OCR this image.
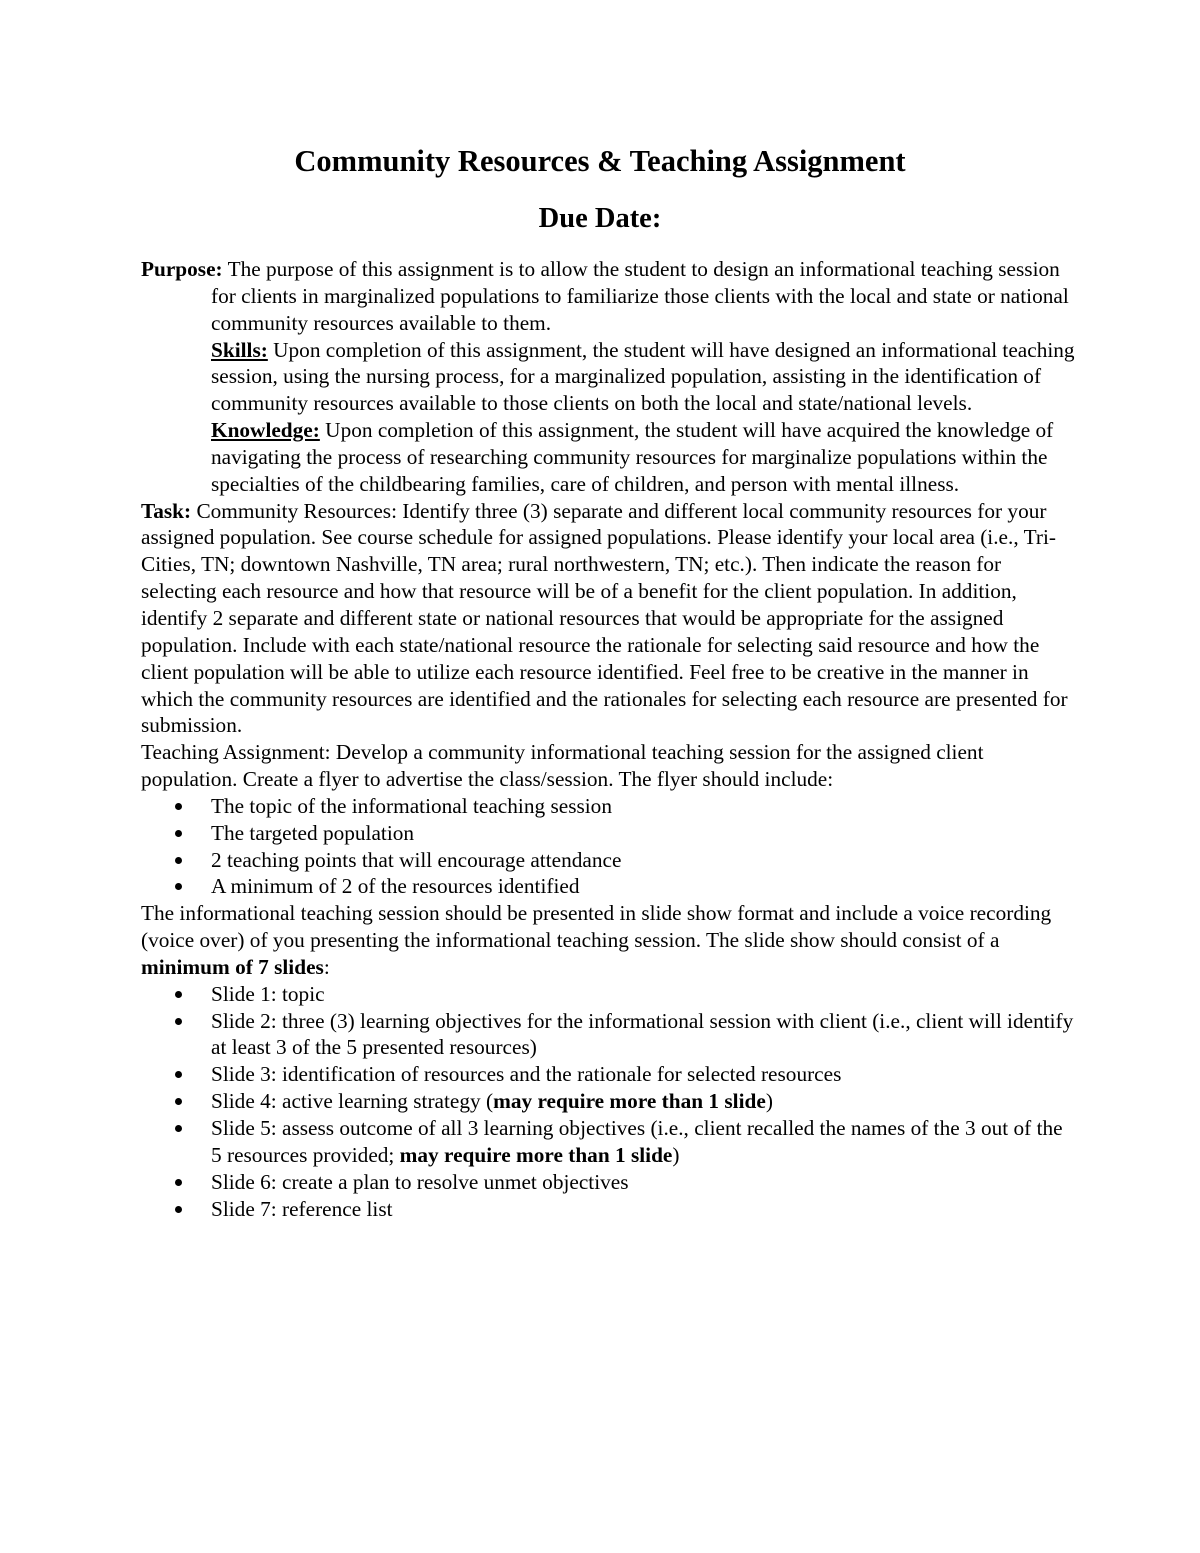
Community Resources & Teaching Assignment
Due Date:

Purpose: The purpose of this assignment is to allow the student to design an informational teaching session for clients in marginalized populations to familiarize those clients with the local and state or national community resources available to them.

Skills: Upon completion of this assignment, the student will have designed an informational teaching session, using the nursing process, for a marginalized population, assisting in the identification of community resources available to those clients on both the local and state/national levels.

Knowledge: Upon completion of this assignment, the student will have acquired the knowledge of navigating the process of researching community resources for marginalize populations within the specialties of the childbearing families, care of children, and person with mental illness.

Task: Community Resources: Identify three (3) separate and different local community resources for your assigned population. See course schedule for assigned populations. Please identify your local area (i.e., Tri-Cities, TN; downtown Nashville, TN area; rural northwestern, TN; etc.). Then indicate the reason for selecting each resource and how that resource will be of a benefit for the client population. In addition, identify 2 separate and different state or national resources that would be appropriate for the assigned population. Include with each state/national resource the rationale for selecting said resource and how the client population will be able to utilize each resource identified. Feel free to be creative in the manner in which the community resources are identified and the rationales for selecting each resource are presented for submission.

Teaching Assignment: Develop a community informational teaching session for the assigned client population. Create a flyer to advertise the class/session. The flyer should include:

The topic of the informational teaching session
The targeted population
2 teaching points that will encourage attendance
A minimum of 2 of the resources identified

The informational teaching session should be presented in slide show format and include a voice recording (voice over) of you presenting the informational teaching session. The slide show should consist of a minimum of 7 slides:

Slide 1: topic
Slide 2: three (3) learning objectives for the informational session with client (i.e., client will identify at least 3 of the 5 presented resources)
Slide 3: identification of resources and the rationale for selected resources
Slide 4: active learning strategy (may require more than 1 slide)
Slide 5: assess outcome of all 3 learning objectives (i.e., client recalled the names of the 3 out of the 5 resources provided; may require more than 1 slide)
Slide 6: create a plan to resolve unmet objectives
Slide 7: reference list
